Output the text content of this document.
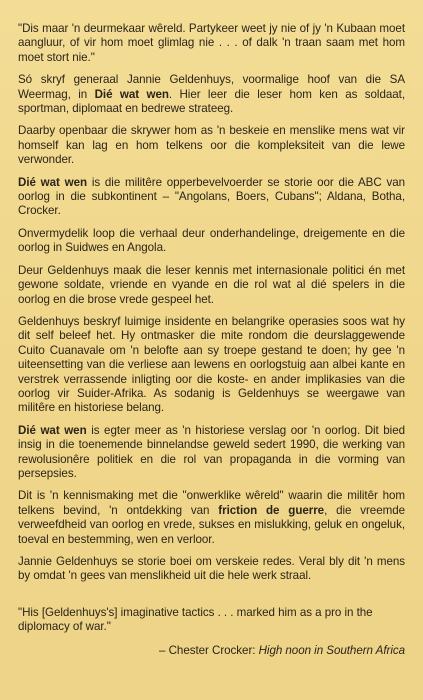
"Dis maar 'n deurmekaar wêreld. Partykeer weet jy nie of jy 'n Kubaan moet aangluur, of vir hom moet glimlag nie . . . of dalk 'n traan saam met hom moet stort nie."

Só skryf generaal Jannie Geldenhuys, voormalige hoof van die SA Weermag, in Dié wat wen. Hier leer die leser hom ken as soldaat, sportman, diplomaat en bedrewe strateeg.

Daarby openbaar die skrywer hom as 'n beskeie en menslike mens wat vir homself kan lag en hom telkens oor die kompleksiteit van die lewe verwonder.

Dié wat wen is die militêre opperbevelvoerder se storie oor die ABC van oorlog in die subkontinent – "Angolans, Boers, Cubans"; Aldana, Botha, Crocker.

Onvermydelik loop die verhaal deur onderhandelinge, dreigemente en die oorlog in Suidwes en Angola.

Deur Geldenhuys maak die leser kennis met internasionale politici én met gewone soldate, vriende en vyande en die rol wat al dié spelers in die oorlog en die brose vrede gespeel het.

Geldenhuys beskryf luimige insidente en belangrike operasies soos wat hy dit self beleef het. Hy ontmasker die mite rondom die deurslaggewende Cuito Cuanavale om 'n belofte aan sy troepe gestand te doen; hy gee 'n uiteensetting van die verliese aan lewens en oorlogstuig aan albei kante en verstrek verrassende inligting oor die koste- en ander implikasies van die oorlog vir Suider-Afrika. As sodanig is Geldenhuys se weergawe van militêre en historiese belang.

Dié wat wen is egter meer as 'n historiese verslag oor 'n oorlog. Dit bied insig in die toenemende binnelandse geweld sedert 1990, die werking van rewolusionêre politiek en die rol van propaganda in die vorming van persepsies.

Dit is 'n kennismaking met die "onwerklike wêreld" waarin die militêr hom telkens bevind, 'n ontdekking van friction de guerre, die vreemde verweefdheid van oorlog en vrede, sukses en mislukking, geluk en ongeluk, toeval en bestemming, wen en verloor.

Jannie Geldenhuys se storie boei om verskeie redes. Veral bly dit 'n mens by omdat 'n gees van menslikheid uit die hele werk straal.

"His [Geldenhuys's] imaginative tactics . . . marked him as a pro in the diplomacy of war."

– Chester Crocker: High noon in Southern Africa
